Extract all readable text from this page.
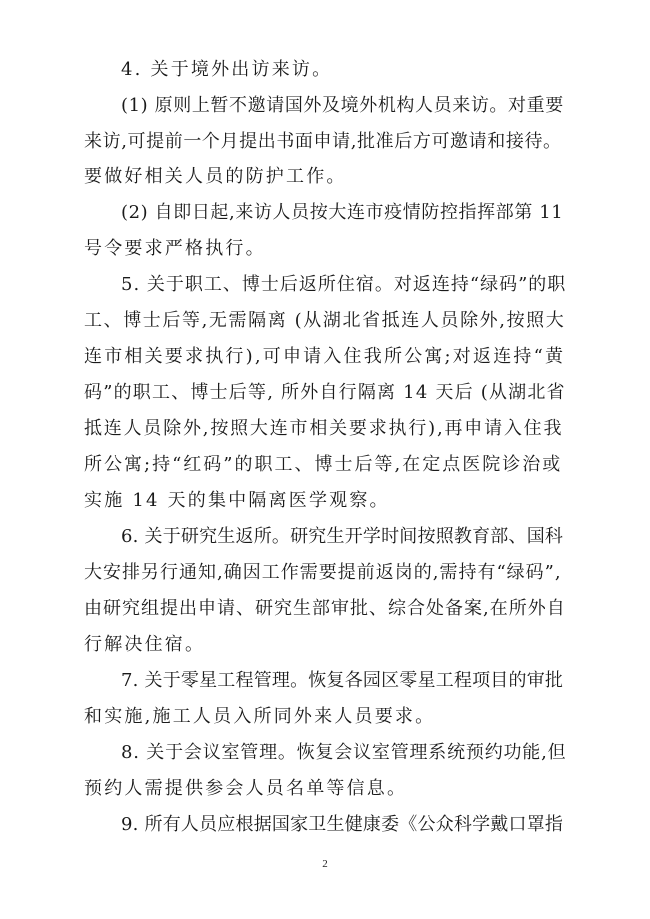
4. 关于境外出访来访。
(1) 原则上暂不邀请国外及境外机构人员来访。对重要
来访,可提前一个月提出书面申请,批准后方可邀请和接待。
要做好相关人员的防护工作。
(2) 自即日起,来访人员按大连市疫情防控指挥部第 11
号令要求严格执行。
5. 关于职工、博士后返所住宿。对返连持“绿码”的职
工、博士后等,无需隔离 (从湖北省抵连人员除外,按照大
连市相关要求执行),可申请入住我所公寓;对返连持“黄
码”的职工、博士后等, 所外自行隔离 14 天后 (从湖北省
抵连人员除外,按照大连市相关要求执行),再申请入住我
所公寓;持“红码”的职工、博士后等,在定点医院诊治或
实施 14 天的集中隔离医学观察。
6. 关于研究生返所。研究生开学时间按照教育部、国科
大安排另行通知,确因工作需要提前返岗的,需持有“绿码”,
由研究组提出申请、研究生部审批、综合处备案,在所外自
行解决住宿。
7. 关于零星工程管理。恢复各园区零星工程项目的审批
和实施,施工人员入所同外来人员要求。
8. 关于会议室管理。恢复会议室管理系统预约功能,但
预约人需提供参会人员名单等信息。
9. 所有人员应根据国家卫生健康委《公众科学戴口罩指
2
